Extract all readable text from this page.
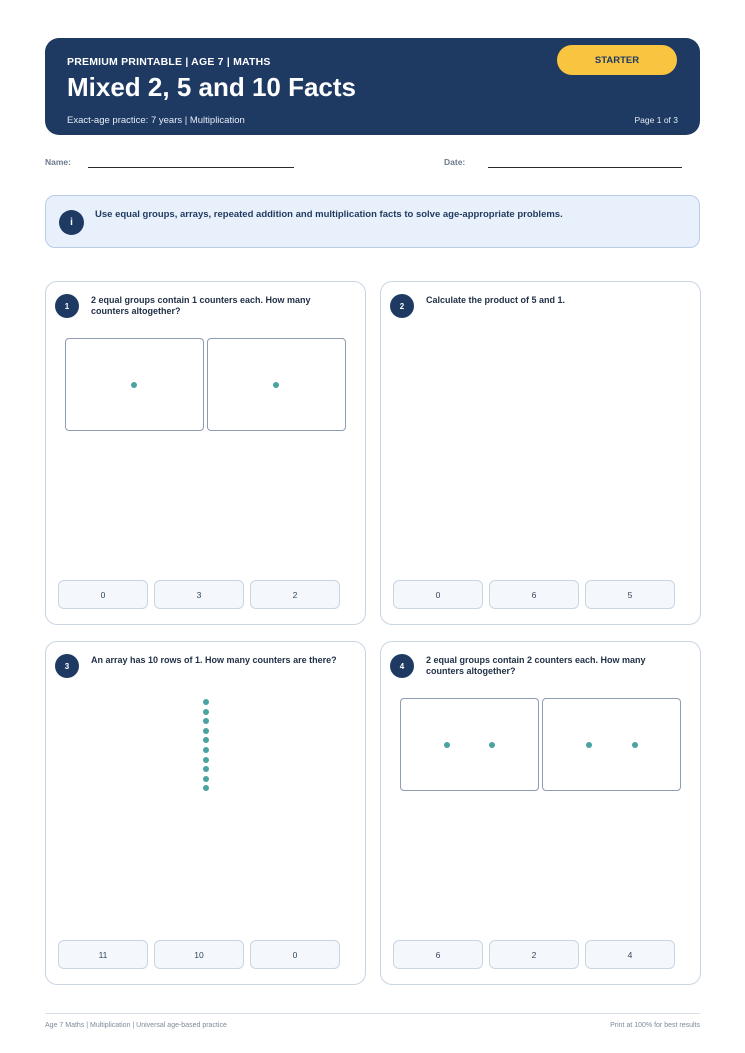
PREMIUM PRINTABLE | AGE 7 | MATHS
Mixed 2, 5 and 10 Facts
Exact-age practice: 7 years | Multiplication	Page 1 of 3
STARTER
Name:	Date:
i
Use equal groups, arrays, repeated addition and multiplication facts to solve age-appropriate problems.
1
2 equal groups contain 1 counters each. How many counters altogether?
0	3	2
2
Calculate the product of 5 and 1.
0	6	5
3
An array has 10 rows of 1. How many counters are there?
11	10	0
4
2 equal groups contain 2 counters each. How many counters altogether?
6	2	4
Age 7 Maths | Multiplication | Universal age-based practice	Print at 100% for best results
